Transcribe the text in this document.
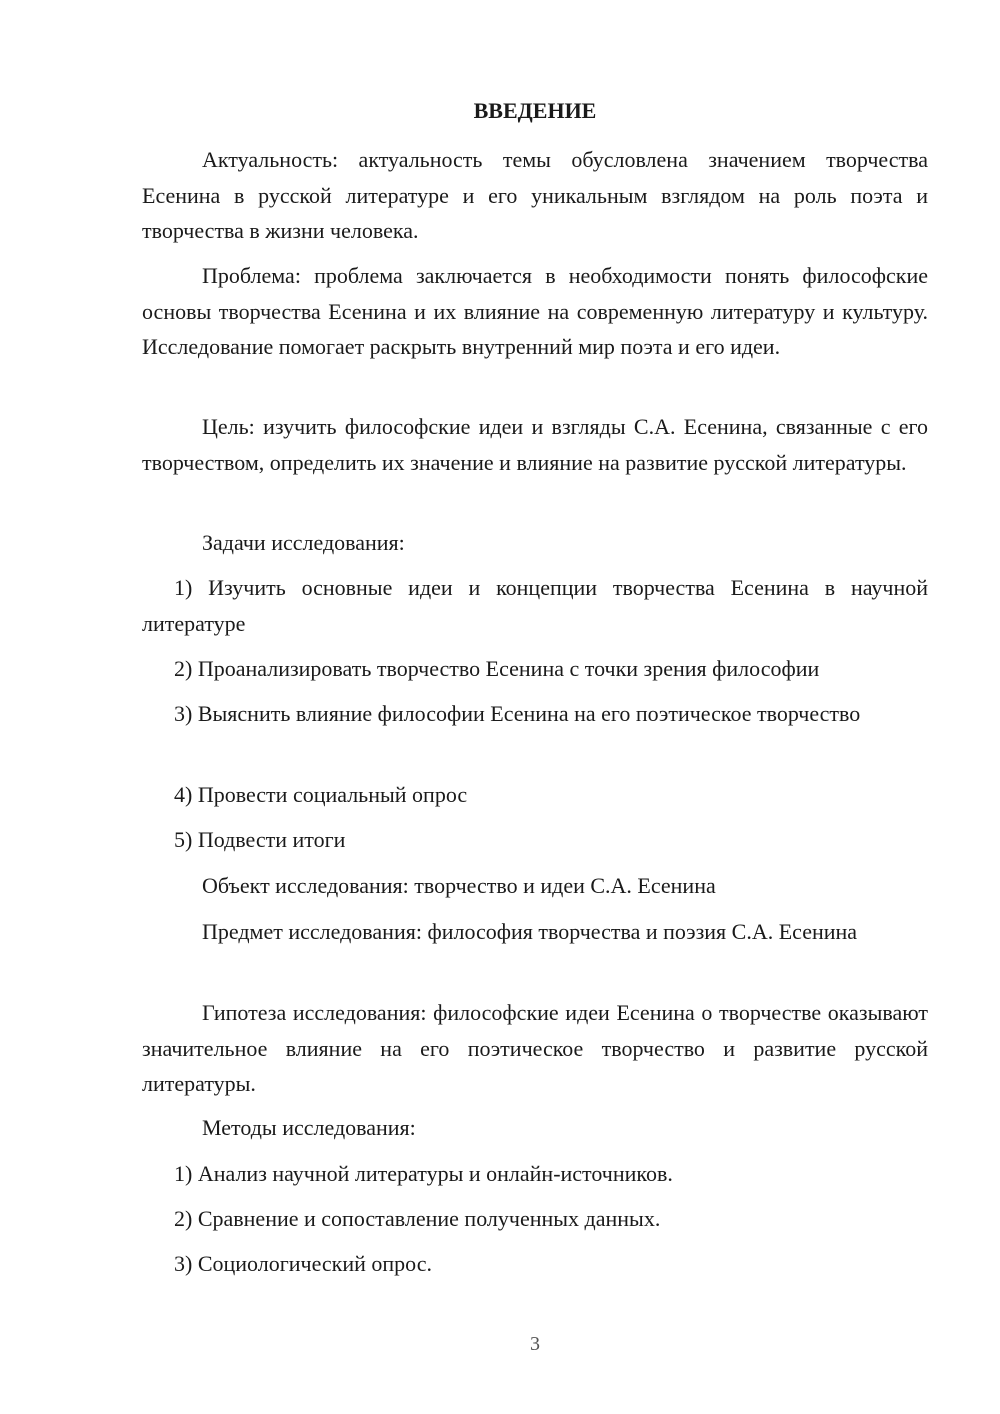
ВВЕДЕНИЕ

Актуальность: актуальность темы обусловлена значением творчества Есенина в русской литературе и его уникальным взглядом на роль поэта и творчества в жизни человека.

Проблема: проблема заключается в необходимости понять философские основы творчества Есенина и их влияние на современную литературу и культуру. Исследование помогает раскрыть внутренний мир поэта и его идеи.

Цель: изучить философские идеи и взгляды С.А. Есенина, связанные с его творчеством, определить их значение и влияние на развитие русской литературы.

Задачи исследования:

1) Изучить основные идеи и концепции творчества Есенина в научной литературе

2) Проанализировать творчество Есенина с точки зрения философии

3) Выяснить влияние философии Есенина на его поэтическое творчество

4) Провести социальный опрос

5) Подвести итоги

Объект исследования: творчество и идеи С.А. Есенина

Предмет исследования: философия творчества и поэзия С.А. Есенина

Гипотеза исследования: философские идеи Есенина о творчестве оказывают значительное влияние на его поэтическое творчество и развитие русской литературы.

Методы исследования:

1) Анализ научной литературы и онлайн-источников.

2) Сравнение и сопоставление полученных данных.

3) Социологический опрос.

3
